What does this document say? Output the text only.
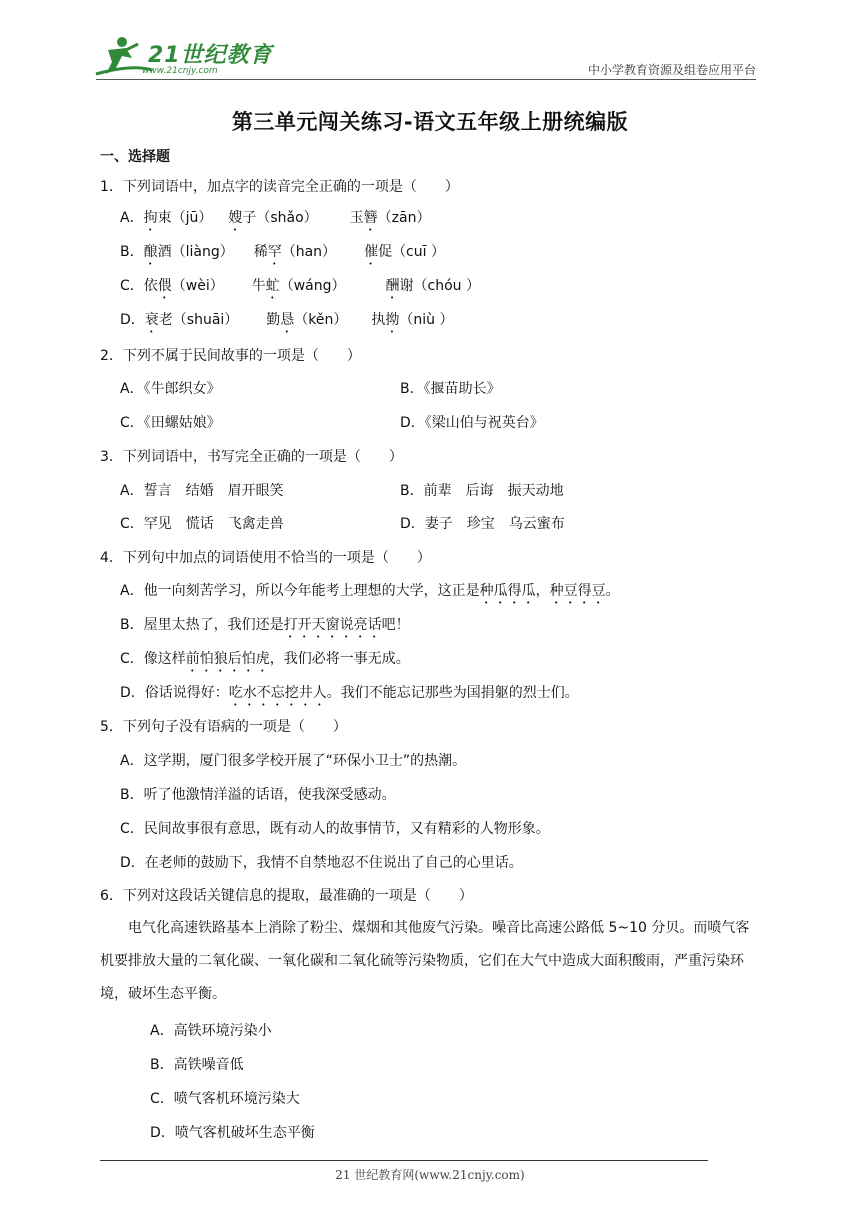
21世纪教育
www.21cnjy.com	中小学教育资源及组卷应用平台
第三单元闯关练习-语文五年级上册统编版
一、选择题
1．下列词语中，加点字的读音完全正确的一项是（　　）
A．拘束（jū） 嫂子（shǎo） 玉簪（zān）
B．酿酒（liàng） 稀罕（han） 催促（cuī ）
C．依偎（wèi） 牛虻（wáng）	酬谢（chóu ）
D．衰老（shuāi） 勤恳（kěn） 执拗（niù ）
2．下列不属于民间故事的一项是（　　）
A．《牛郎织女》	B．《揠苗助长》
C．《田螺姑娘》	D．《梁山伯与祝英台》
3．下列词语中，书写完全正确的一项是（　　）
A．誓言　结婚　眉开眼笑	B．前辈　后诲　振天动地
C．罕见　慌话　飞禽走兽	D．妻子　珍宝　乌云蜜布
4．下列句中加点的词语使用不恰当的一项是（　　）
A．他一向刻苦学习，所以今年能考上理想的大学，这正是种瓜得瓜，种豆得豆。
B．屋里太热了，我们还是打开天窗说亮话吧！
C．像这样前怕狼后怕虎，我们必将一事无成。
D．俗话说得好：吃水不忘挖井人。我们不能忘记那些为国捐躯的烈士们。
5．下列句子没有语病的一项是（　　）
A．这学期，厦门很多学校开展了“环保小卫士”的热潮。
B．听了他激情洋溢的话语，使我深受感动。
C．民间故事很有意思，既有动人的故事情节，又有精彩的人物形象。
D．在老师的鼓励下，我情不自禁地忍不住说出了自己的心里话。
6．下列对这段话关键信息的提取，最准确的一项是（　　）
电气化高速铁路基本上消除了粉尘、煤烟和其他废气污染。噪音比高速公路低 5~10 分贝。而喷气客机要排放大量的二氧化碳、一氧化碳和二氧化硫等污染物质，它们在大气中造成大面积酸雨，严重污染环境，破坏生态平衡。
A．高铁环境污染小
B．高铁噪音低
C．喷气客机环境污染大
D．喷气客机破坏生态平衡
21 世纪教育网(www.21cnjy.com)
